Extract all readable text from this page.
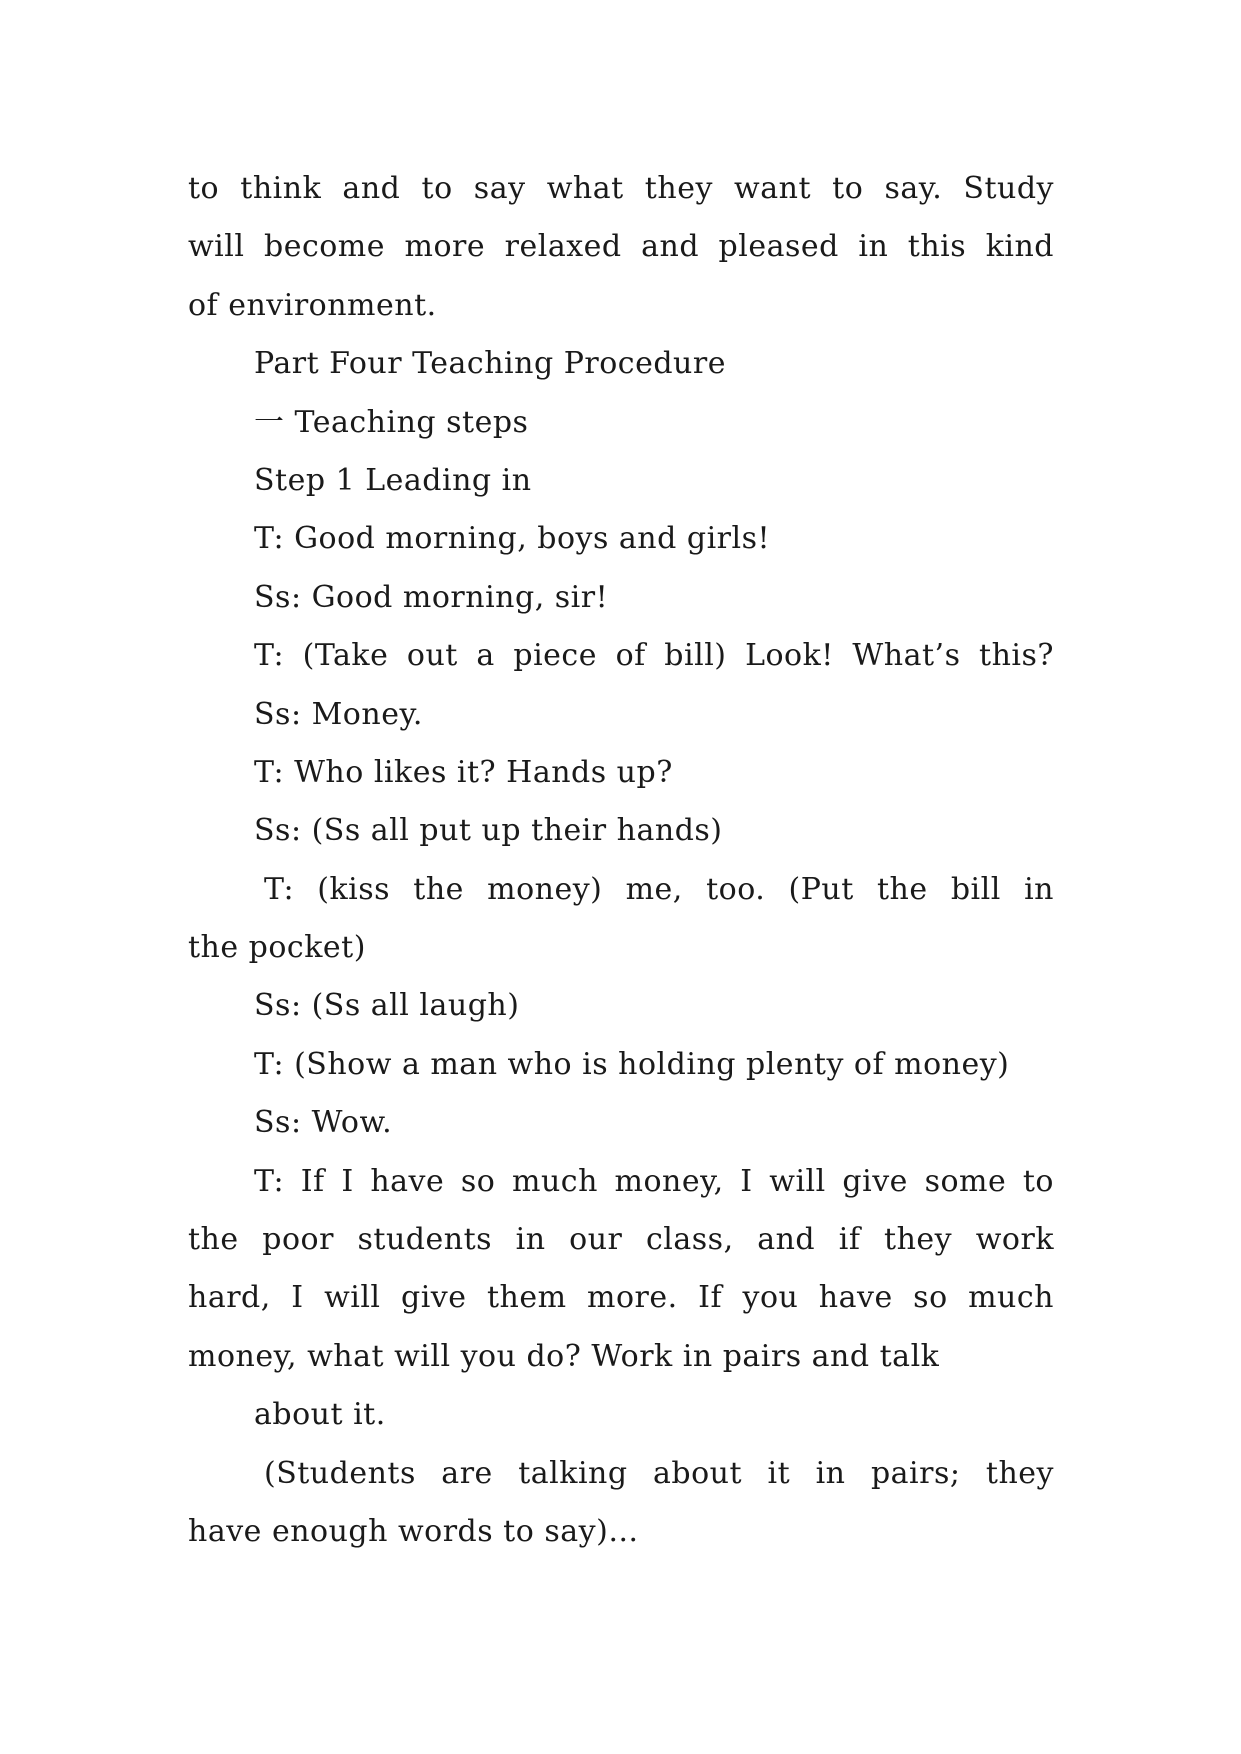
to think and to say what they want to say. Study
will become more relaxed and pleased in this kind
of environment.
Part Four Teaching Procedure
一 Teaching steps
Step 1 Leading in
T: Good morning, boys and girls!
Ss: Good morning, sir!
T: (Take out a piece of bill) Look! What’s this?
Ss: Money.
T: Who likes it? Hands up?
Ss: (Ss all put up their hands)
T: (kiss the money) me, too. (Put the bill in
the pocket)
Ss: (Ss all laugh)
T: (Show a man who is holding plenty of money)
Ss: Wow.
T: If I have so much money, I will give some to
the poor students in our class, and if they work
hard, I will give them more. If you have so much
money, what will you do? Work in pairs and talk
about it.
(Students are talking about it in pairs; they
have enough words to say)…
